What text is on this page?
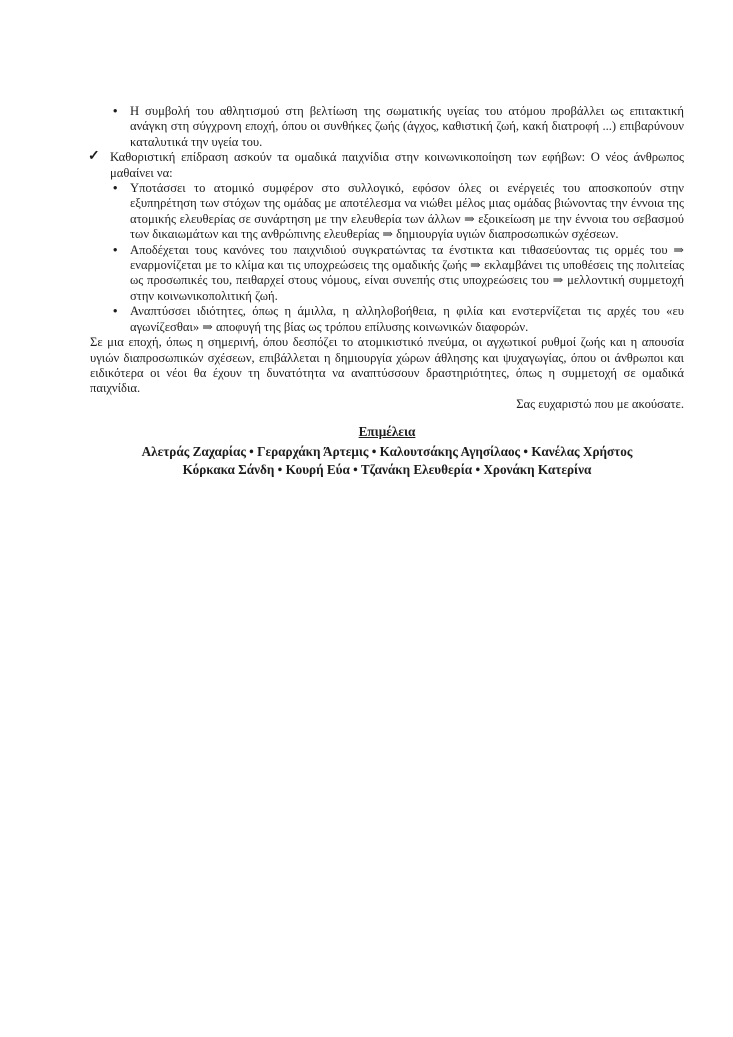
• Η συμβολή του αθλητισμού στη βελτίωση της σωματικής υγείας του ατόμου προβάλλει ως επιτακτική ανάγκη στη σύγχρονη εποχή, όπου οι συνθήκες ζωής (άγχος, καθιστική ζωή, κακή διατροφή ...) επιβαρύνουν καταλυτικά την υγεία του.
✓ Καθοριστική επίδραση ασκούν τα ομαδικά παιχνίδια στην κοινωνικοποίηση των εφήβων: Ο νέος άνθρωπος μαθαίνει να:
• Υποτάσσει το ατομικό συμφέρον στο συλλογικό, εφόσον όλες οι ενέργειές του αποσκοπούν στην εξυπηρέτηση των στόχων της ομάδας με αποτέλεσμα να νιώθει μέλος μιας ομάδας βιώνοντας την έννοια της ατομικής ελευθερίας σε συνάρτηση με την ελευθερία των άλλων ⇒ εξοικείωση με την έννοια του σεβασμού των δικαιωμάτων και της ανθρώπινης ελευθερίας ⇒ δημιουργία υγιών διαπροσωπικών σχέσεων.
• Αποδέχεται τους κανόνες του παιχνιδιού συγκρατώντας τα ένστικτα και τιθασεύοντας τις ορμές του ⇒ εναρμονίζεται με το κλίμα και τις υποχρεώσεις της ομαδικής ζωής ⇒ εκλαμβάνει τις υποθέσεις της πολιτείας ως προσωπικές του, πειθαρχεί στους νόμους, είναι συνεπής στις υποχρεώσεις του ⇒ μελλοντική συμμετοχή στην κοινωνικοπολιτική ζωή.
• Αναπτύσσει ιδιότητες, όπως η άμιλλα, η αλληλοβοήθεια, η φιλία και ενστερνίζεται τις αρχές του «ευ αγωνίζεσθαι» ⇒ αποφυγή της βίας ως τρόπου επίλυσης κοινωνικών διαφορών.

Σε μια εποχή, όπως η σημερινή, όπου δεσπόζει το ατομικιστικό πνεύμα, οι αγχωτικοί ρυθμοί ζωής και η απουσία υγιών διαπροσωπικών σχέσεων, επιβάλλεται η δημιουργία χώρων άθλησης και ψυχαγωγίας, όπου οι άνθρωποι και ειδικότερα οι νέοι θα έχουν τη δυνατότητα να αναπτύσσουν δραστηριότητες, όπως η συμμετοχή σε ομαδικά παιχνίδια.

Σας ευχαριστώ που με ακούσατε.

Επιμέλεια
Αλετράς Ζαχαρίας • Γεραρχάκη Άρτεμις • Καλουτσάκης Αγησίλαος • Κανέλας Χρήστος
Κόρκακα Σάνδη • Κουρή Εύα • Τζανάκη Ελευθερία • Χρονάκη Κατερίνα
